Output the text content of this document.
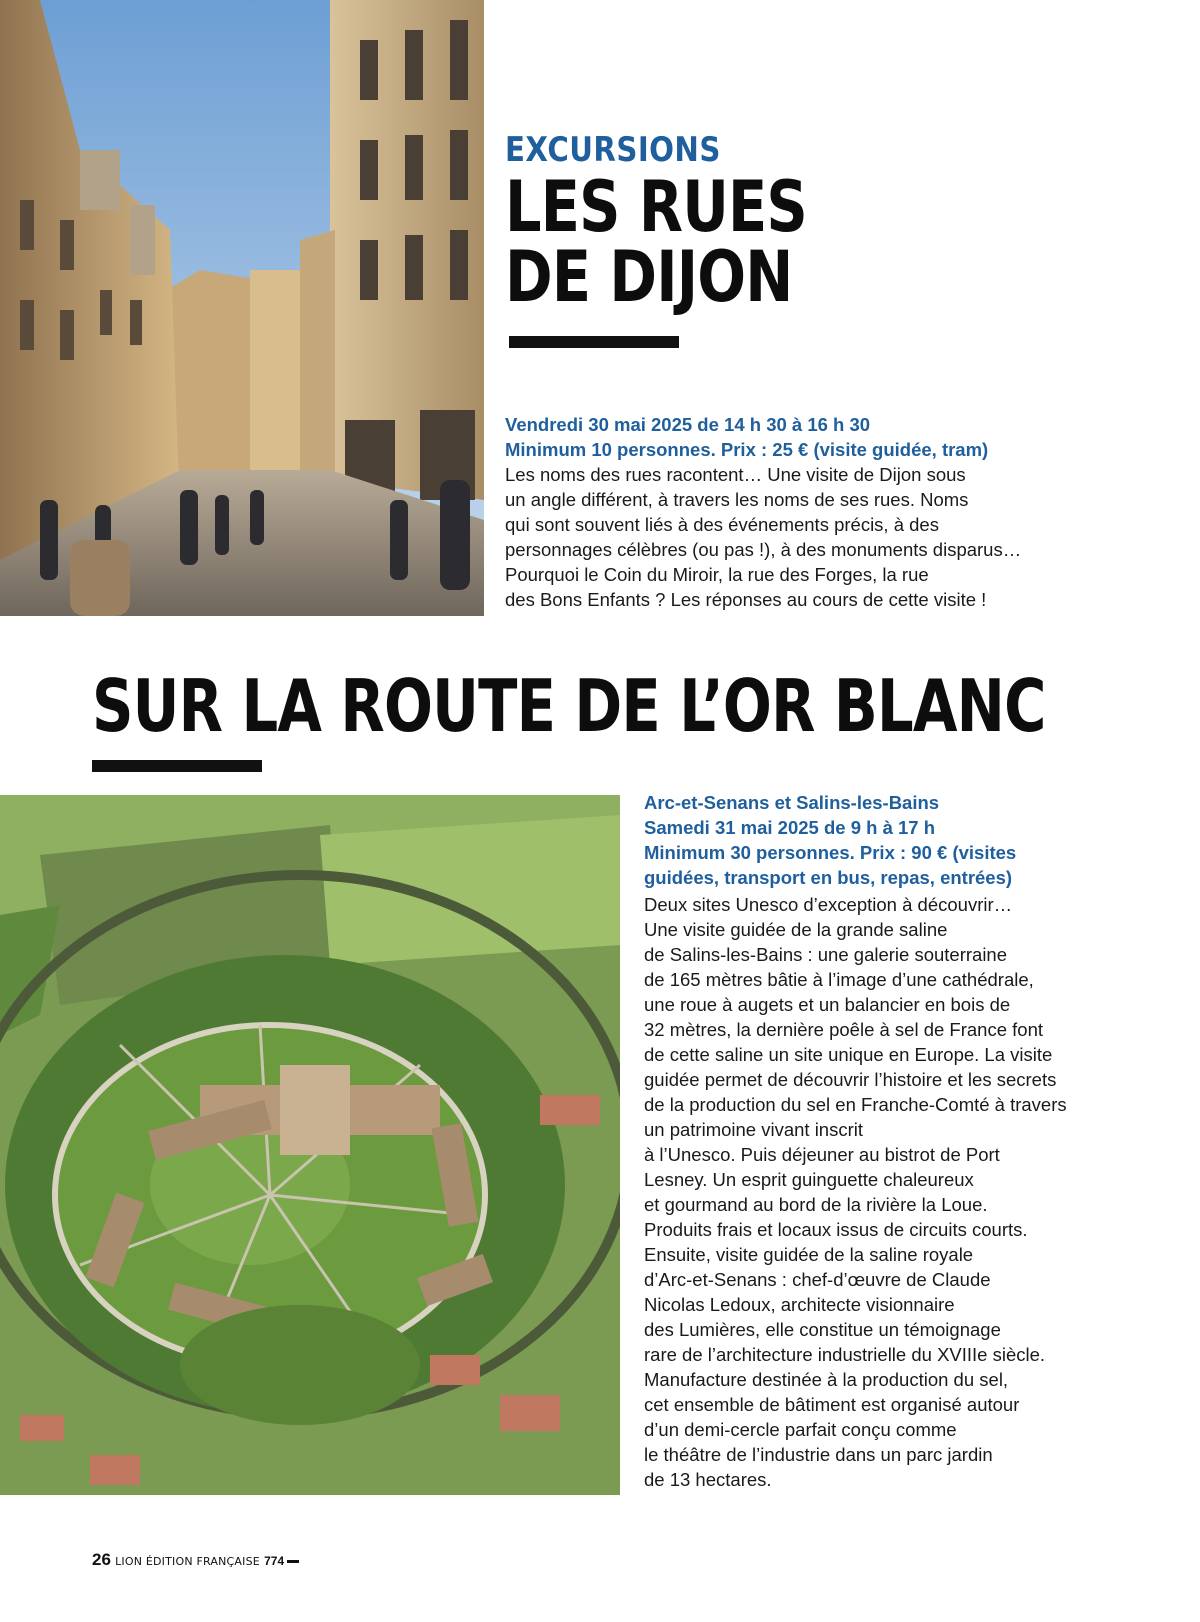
EXCURSIONS
LES RUES
DE DIJON
Vendredi 30 mai 2025 de 14 h 30 à 16 h 30
Minimum 10 personnes. Prix : 25 € (visite guidée, tram)
Les noms des rues racontent… Une visite de Dijon sous
un angle différent, à travers les noms de ses rues. Noms
qui sont souvent liés à des événements précis, à des
personnages célèbres (ou pas !), à des monuments disparus…
Pourquoi le Coin du Miroir, la rue des Forges, la rue
des Bons Enfants ? Les réponses au cours de cette visite !
SUR LA ROUTE DE L’OR BLANC
Arc-et-Senans et Salins-les-Bains
Samedi 31 mai 2025 de 9 h à 17 h
Minimum 30 personnes. Prix : 90 € (visites
guidées, transport en bus, repas, entrées)
Deux sites Unesco d’exception à découvrir…
Une visite guidée de la grande saline
de Salins-les-Bains : une galerie souterraine
de 165 mètres bâtie à l’image d’une cathédrale,
une roue à augets et un balancier en bois de
32 mètres, la dernière poêle à sel de France font
de cette saline un site unique en Europe. La visite
guidée permet de découvrir l’histoire et les secrets
de la production du sel en Franche-Comté à travers
un patrimoine vivant inscrit
à l’Unesco. Puis déjeuner au bistrot de Port
Lesney. Un esprit guinguette chaleureux
et gourmand au bord de la rivière la Loue.
Produits frais et locaux issus de circuits courts.
Ensuite, visite guidée de la saline royale
d’Arc-et-Senans : chef-d’œuvre de Claude
Nicolas Ledoux, architecte visionnaire
des Lumières, elle constitue un témoignage
rare de l’architecture industrielle du XVIIIe siècle.
Manufacture destinée à la production du sel,
cet ensemble de bâtiment est organisé autour
d’un demi-cercle parfait conçu comme
le théâtre de l’industrie dans un parc jardin
de 13 hectares.
26 LION ÉDITION FRANÇAISE 774
